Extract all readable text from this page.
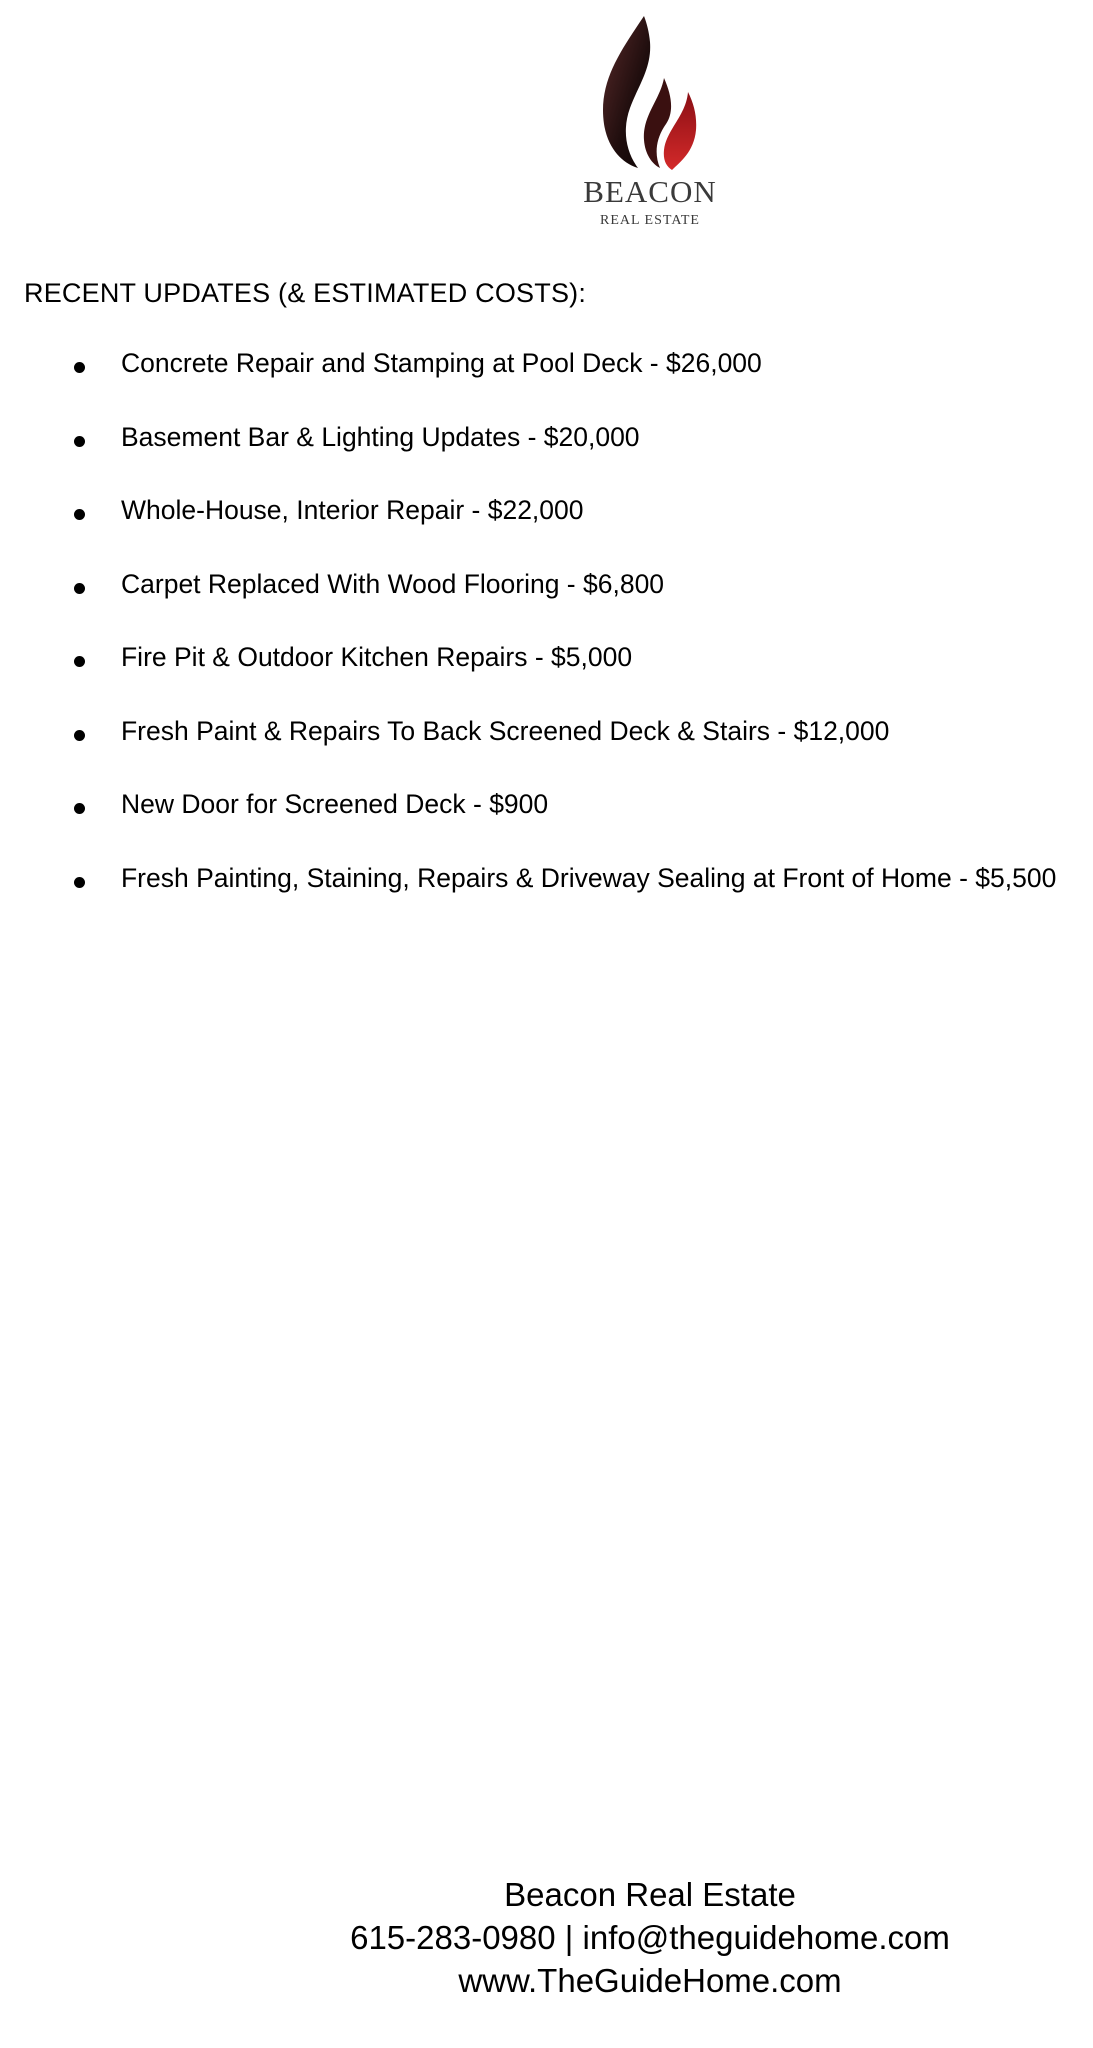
BEACON
REAL ESTATE
RECENT UPDATES (& ESTIMATED COSTS):
Concrete Repair and Stamping at Pool Deck - $26,000
Basement Bar & Lighting Updates - $20,000
Whole-House, Interior Repair - $22,000
Carpet Replaced With Wood Flooring - $6,800
Fire Pit & Outdoor Kitchen Repairs - $5,000
Fresh Paint & Repairs To Back Screened Deck & Stairs - $12,000
New Door for Screened Deck - $900
Fresh Painting, Staining, Repairs & Driveway Sealing at Front of Home - $5,500
Beacon Real Estate
615-283-0980 | info@theguidehome.com
www.TheGuideHome.com
